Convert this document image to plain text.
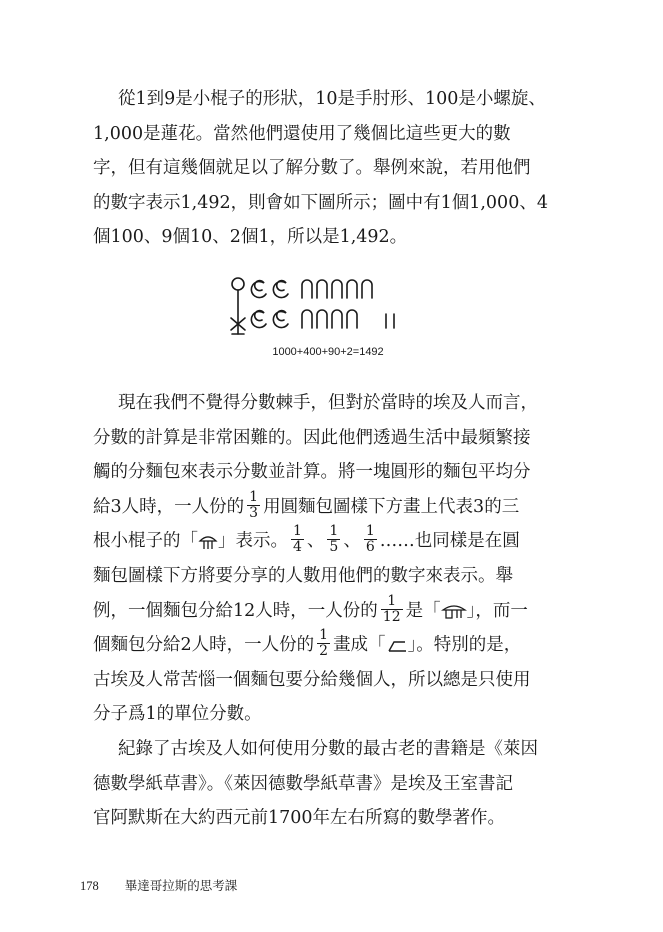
從1到9是小棍子的形狀，10是手肘形、100是小螺旋、
1,000是蓮花。當然他們還使用了幾個比這些更大的數
字，但有這幾個就足以了解分數了。舉例來說，若用他們
的數字表示1,492，則會如下圖所示；圖中有1個1,000、4
個100、9個10、2個1，所以是1,492。
1000+400+90+2=1492
現在我們不覺得分數棘手，但對於當時的埃及人而言，
分數的計算是非常困難的。因此他們透過生活中最頻繁接
觸的分麵包來表示分數並計算。將一塊圓形的麵包平均分
給3人時，一人份的 $\frac{1}{3}$ 用圓麵包圖樣下方畫上代表3的三
根小棍子的「 」表示。 $\frac{1}{4}$ 、 $\frac{1}{5}$ 、 $\frac{1}{6}$ ……也同樣是在圓
麵包圖樣下方將要分享的人數用他們的數字來表示。舉
例，一個麵包分給12人時，一人份的 $\frac{1}{12}$ 是「 」，而一
個麵包分給2人時，一人份的 $\frac{1}{2}$ 畫成「 」。特別的是，
古埃及人常苦惱一個麵包要分給幾個人，所以總是只使用
分子爲1的單位分數。
紀錄了古埃及人如何使用分數的最古老的書籍是《萊因
德數學紙草書》。《萊因德數學紙草書》是埃及王室書記
官阿默斯在大約西元前1700年左右所寫的數學著作。
178 畢達哥拉斯的思考課
